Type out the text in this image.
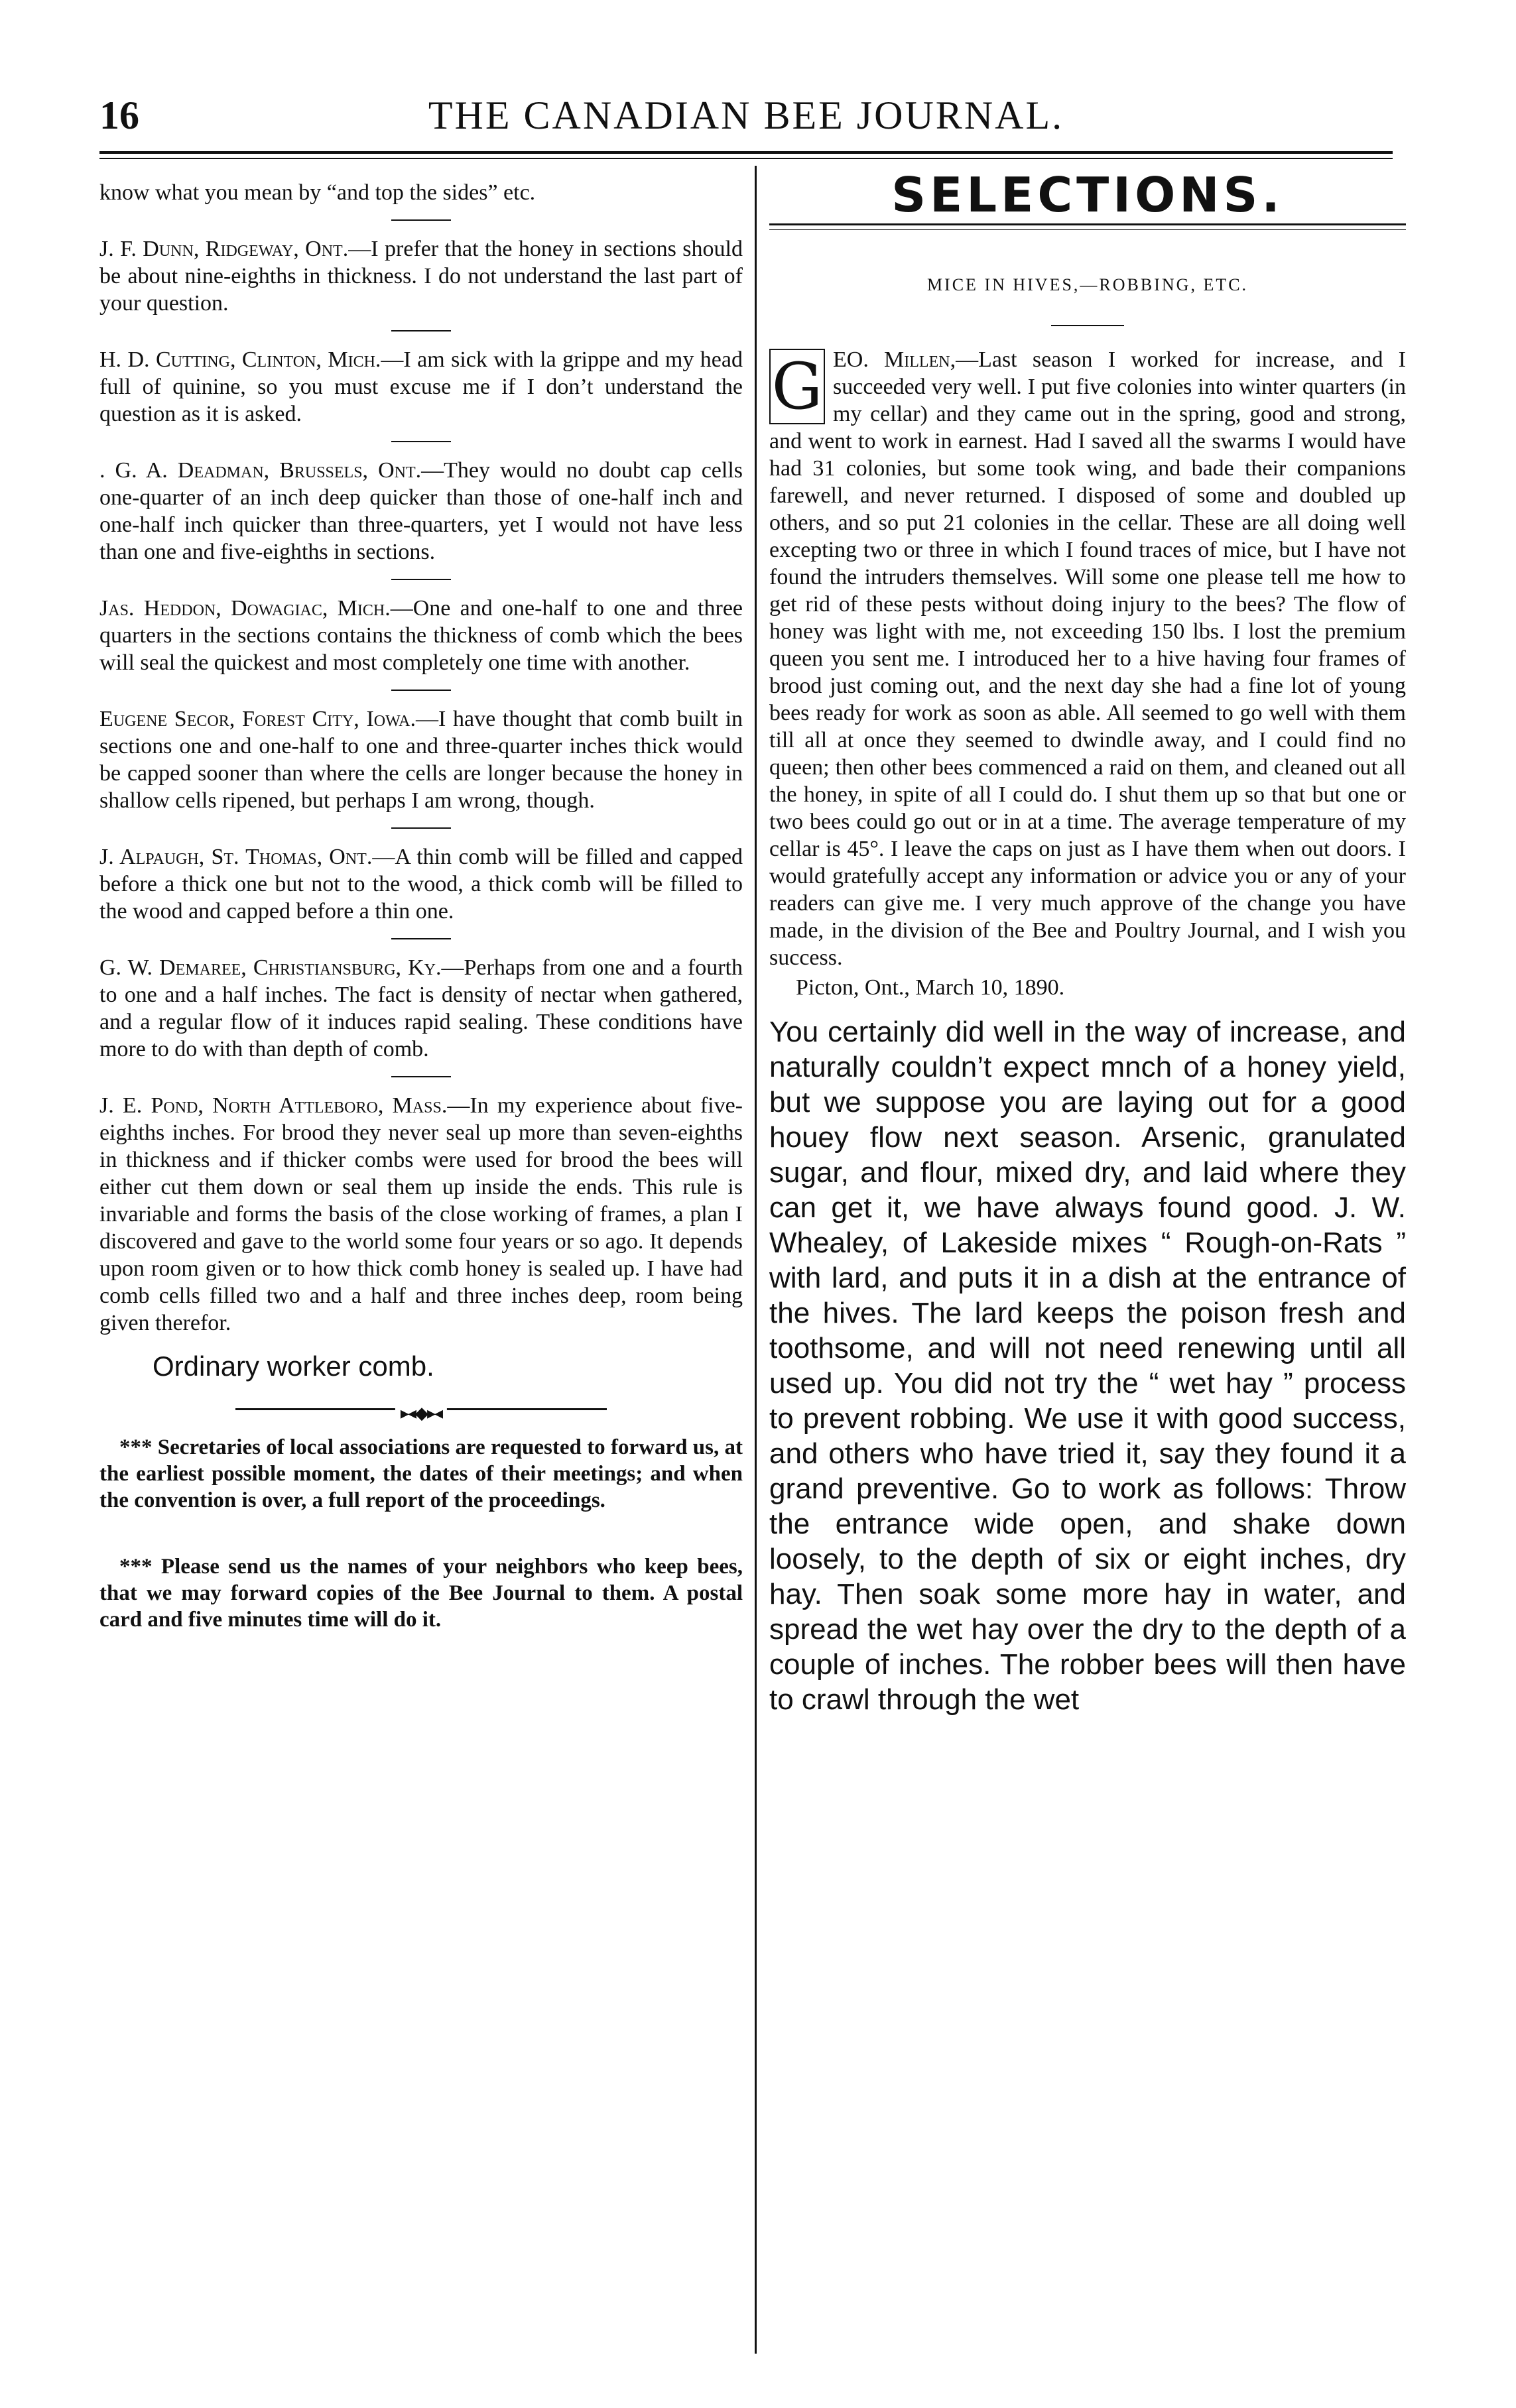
16	THE CANADIAN BEE JOURNAL.

know what you mean by “and top the sides” etc.

J. F. Dunn, Ridgeway, Ont.—I prefer that the honey in sections should be about nine-eighths in thickness. I do not understand the last part of your question.

H. D. Cutting, Clinton, Mich.—I am sick with la grippe and my head full of quinine, so you must excuse me if I don’t understand the question as it is asked.

. G. A. Deadman, Brussels, Ont.—They would no doubt cap cells one-quarter of an inch deep quicker than those of one-half inch and one-half inch quicker than three-quarters, yet I would not have less than one and five-eighths in sections.

Jas. Heddon, Dowagiac, Mich.—One and one-half to one and three quarters in the sections contains the thickness of comb which the bees will seal the quickest and most completely one time with another.

Eugene Secor, Forest City, Iowa.—I have thought that comb built in sections one and one-half to one and three-quarter inches thick would be capped sooner than where the cells are longer because the honey in shallow cells ripened, but perhaps I am wrong, though.

J. Alpaugh, St. Thomas, Ont.—A thin comb will be filled and capped before a thick one but not to the wood, a thick comb will be filled to the wood and capped before a thin one.

G. W. Demaree, Christiansburg, Ky.—Perhaps from one and a fourth to one and a half inches. The fact is density of nectar when gathered, and a regular flow of it induces rapid sealing. These conditions have more to do with than depth of comb.

J. E. Pond, North Attleboro, Mass.—In my experience about five-eighths inches. For brood they never seal up more than seven-eighths in thickness and if thicker combs were used for brood the bees will either cut them down or seal them up inside the ends. This rule is invariable and forms the basis of the close working of frames, a plan I discovered and gave to the world some four years or so ago. It depends upon room given or to how thick comb honey is sealed up. I have had comb cells filled two and a half and three inches deep, room being given therefor.

Ordinary worker comb.
▸◂◆▸◂

*** Secretaries of local associations are requested to forward us, at the earliest possible moment, the dates of their meetings; and when the convention is over, a full report of the proceedings.

*** Please send us the names of your neighbors who keep bees, that we may forward copies of the Bee Journal to them. A postal card and five minutes time will do it.

SELECTIONS.
MICE IN HIVES,—ROBBING, ETC.

G EO. Millen,—Last season I worked for increase, and I succeeded very well. I put five colonies into winter quarters (in my cellar) and they came out in the spring, good and strong, and went to work in earnest. Had I saved all the swarms I would have had 31 colonies, but some took wing, and bade their companions farewell, and never returned. I disposed of some and doubled up others, and so put 21 colonies in the cellar. These are all doing well excepting two or three in which I found traces of mice, but I have not found the intruders themselves. Will some one please tell me how to get rid of these pests without doing injury to the bees? The flow of honey was light with me, not exceeding 150 lbs. I lost the premium queen you sent me. I introduced her to a hive having four frames of brood just coming out, and the next day she had a fine lot of young bees ready for work as soon as able. All seemed to go well with them till all at once they seemed to dwindle away, and I could find no queen; then other bees commenced a raid on them, and cleaned out all the honey, in spite of all I could do. I shut them up so that but one or two bees could go out or in at a time. The average temperature of my cellar is 45°. I leave the caps on just as I have them when out doors. I would gratefully accept any information or advice you or any of your readers can give me. I very much approve of the change you have made, in the division of the Bee and Poultry Journal, and I wish you success.

Picton, Ont., March 10, 1890.

You certainly did well in the way of increase, and naturally couldn’t expect mnch of a honey yield, but we suppose you are laying out for a good houey flow next season. Arsenic, granulated sugar, and flour, mixed dry, and laid where they can get it, we have always found good. J. W. Whealey, of Lakeside mixes “ Rough-on-Rats ” with lard, and puts it in a dish at the entrance of the hives. The lard keeps the poison fresh and toothsome, and will not need renewing until all used up. You did not try the “ wet hay ” process to prevent robbing. We use it with good success, and others who have tried it, say they found it a grand preventive. Go to work as follows: Throw the entrance wide open, and shake down loosely, to the depth of six or eight inches, dry hay. Then soak some more hay in water, and spread the wet hay over the dry to the depth of a couple of inches. The robber bees will then have to crawl through the wet
